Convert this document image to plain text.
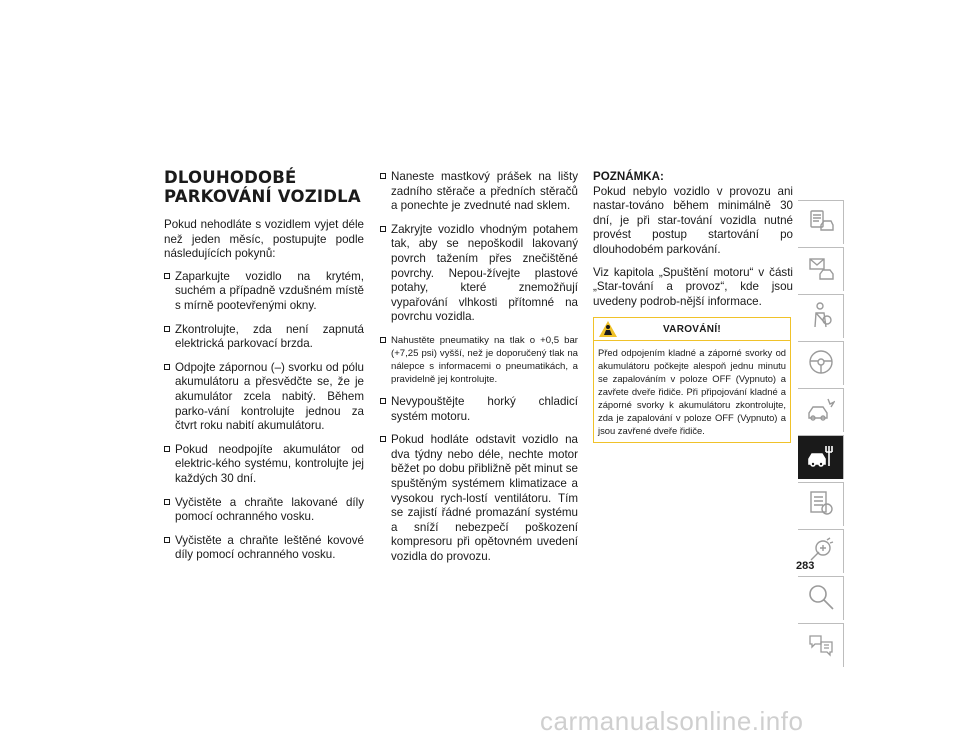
DLOUHODOBÉ
PARKOVÁNÍ VOZIDLA

Pokud nehodláte s vozidlem vyjet déle než jeden měsíc, postupujte podle následujících pokynů:

Zaparkujte vozidlo na krytém, suchém a případně vzdušném místě s mírně pootevřenými okny.
Zkontrolujte, zda není zapnutá elektrická parkovací brzda.
Odpojte zápornou (–) svorku od pólu akumulátoru a přesvědčte se, že je akumulátor zcela nabitý. Během parko-vání kontrolujte jednou za čtvrt roku nabití akumulátoru.
Pokud neodpojíte akumulátor od elektric-kého systému, kontrolujte jej každých 30 dní.
Vyčistěte a chraňte lakované díly pomocí ochranného vosku.
Vyčistěte a chraňte leštěné kovové díly pomocí ochranného vosku.
Naneste mastkový prášek na lišty zadního stěrače a předních stěračů a ponechte je zvednuté nad sklem.
Zakryjte vozidlo vhodným potahem tak, aby se nepoškodil lakovaný povrch tažením přes znečištěné povrchy. Nepou-žívejte plastové potahy, které znemožňují vypařování vlhkosti přítomné na povrchu vozidla.
Nahustěte pneumatiky na tlak o +0,5 bar (+7,25 psi) vyšší, než je doporučený tlak na nálepce s informacemi o pneumatikách, a pravidelně jej kontrolujte.
Nevypouštějte horký chladicí systém motoru.
Pokud hodláte odstavit vozidlo na dva týdny nebo déle, nechte motor běžet po dobu přibližně pět minut se spuštěným systémem klimatizace a vysokou rych-lostí ventilátoru. Tím se zajistí řádné promazání systému a sníží nebezpečí poškození kompresoru při opětovném uvedení vozidla do provozu.

POZNÁMKA:
Pokud nebylo vozidlo v provozu ani nastar-továno během minimálně 30 dní, je při star-tování vozidla nutné provést postup startování po dlouhodobém parkování.

Viz kapitola „Spuštění motoru“ v části „Star-tování a provoz“, kde jsou uvedeny podrob-nější informace.

VAROVÁNÍ!
Před odpojením kladné a záporné svorky od akumulátoru počkejte alespoň jednu minutu se zapalováním v poloze OFF (Vypnuto) a zavřete dveře řidiče. Při připojování kladné a záporné svorky k akumulátoru zkontrolujte, zda je zapalování v poloze OFF (Vypnuto) a jsou zavřené dveře řidiče.
283
carmanualsonline.info
